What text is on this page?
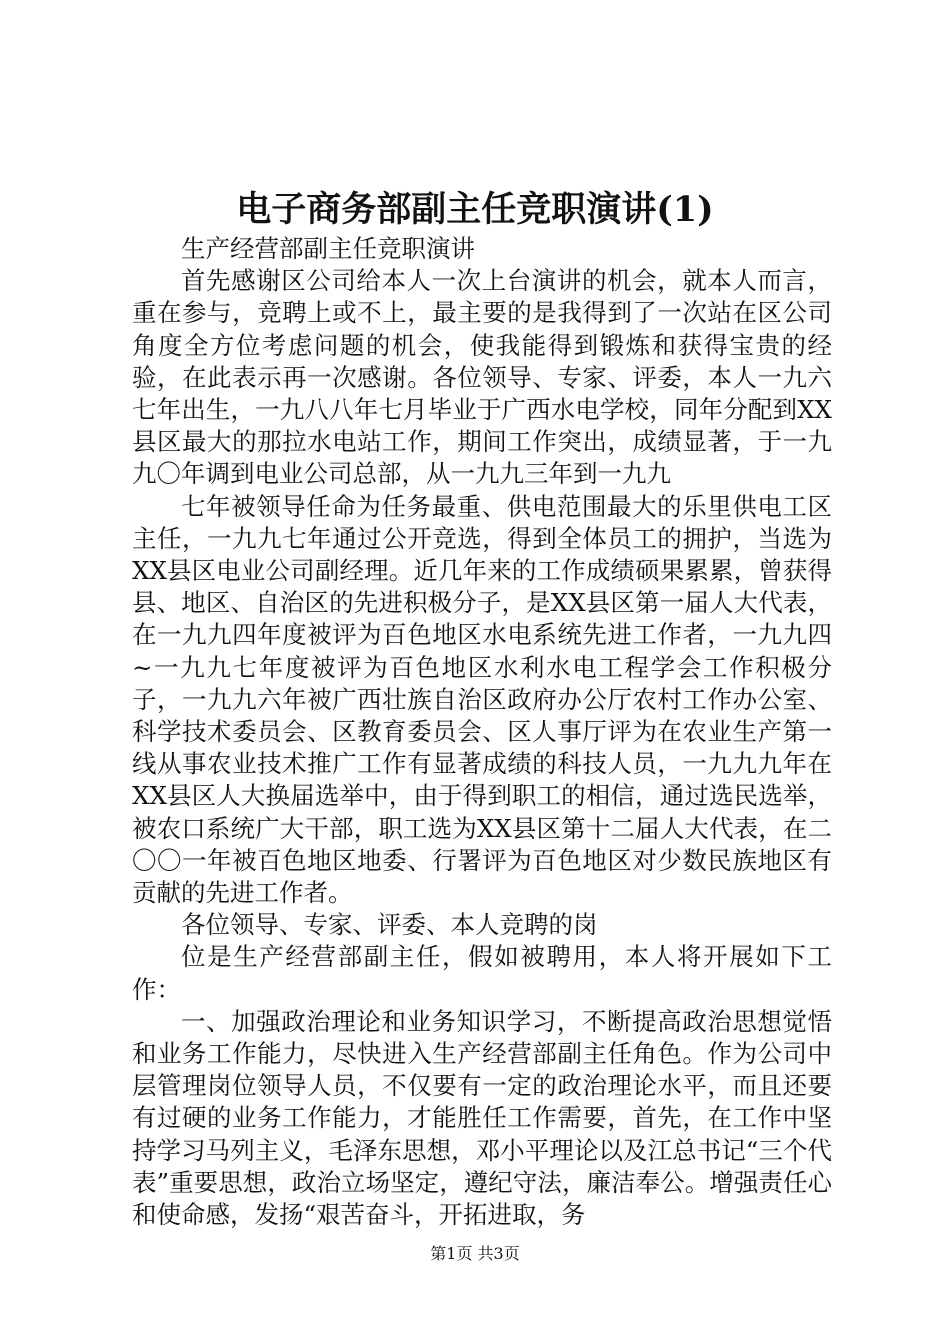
电子商务部副主任竞职演讲(1)

生产经营部副主任竞职演讲

首先感谢区公司给本人一次上台演讲的机会，就本人而言，重在参与，竞聘上或不上，最主要的是我得到了一次站在区公司角度全方位考虑问题的机会，使我能得到锻炼和获得宝贵的经验，在此表示再一次感谢。各位领导、专家、评委，本人一九六七年出生，一九八八年七月毕业于广西水电学校，同年分配到XX县区最大的那拉水电站工作，期间工作突出，成绩显著，于一九九〇年调到电业公司总部，从一九九三年到一九九

七年被领导任命为任务最重、供电范围最大的乐里供电工区主任，一九九七年通过公开竞选，得到全体员工的拥护，当选为XX县区电业公司副经理。近几年来的工作成绩硕果累累，曾获得县、地区、自治区的先进积极分子，是XX县区第一届人大代表，在一九九四年度被评为百色地区水电系统先进工作者，一九九四~一九九七年度被评为百色地区水利水电工程学会工作积极分子，一九九六年被广西壮族自治区政府办公厅农村工作办公室、科学技术委员会、区教育委员会、区人事厅评为在农业生产第一线从事农业技术推广工作有显著成绩的科技人员，一九九九年在XX县区人大换届选举中，由于得到职工的相信，通过选民选举，被农口系统广大干部，职工选为XX县区第十二届人大代表，在二〇〇一年被百色地区地委、行署评为百色地区对少数民族地区有贡献的先进工作者。

各位领导、专家、评委、本人竞聘的岗

位是生产经营部副主任，假如被聘用，本人将开展如下工作：

一、加强政治理论和业务知识学习，不断提高政治思想觉悟和业务工作能力，尽快进入生产经营部副主任角色。作为公司中层管理岗位领导人员，不仅要有一定的政治理论水平，而且还要有过硬的业务工作能力，才能胜任工作需要，首先，在工作中坚持学习马列主义，毛泽东思想，邓小平理论以及江总书记“三个代表”重要思想，政治立场坚定，遵纪守法，廉洁奉公。增强责任心和使命感，发扬“艰苦奋斗，开拓进取，务

第1页 共3页
